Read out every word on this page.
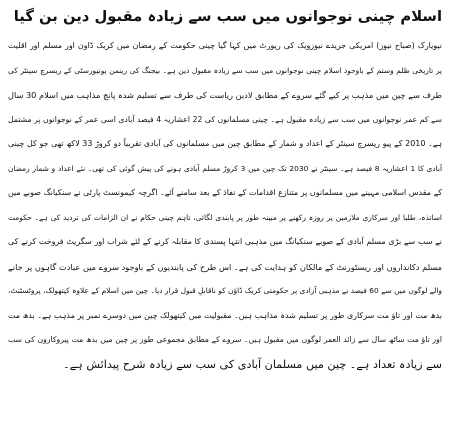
اسلام چینی نوجوانوں میں سب سے زیادہ مقبول دین بن گیا
نیویارک (صباح نیوز) امریکی جریدے نیوزویک کی رپورٹ میں کہا گیا چینی حکومت کے رمضان میں کریک ڈاون اور مسلم اور اقلیت
پر تاریخی ظلم وستم کے باوجود اسلام چینی نوجوانوں میں سب سے زیادہ مقبول دین ہے۔ بیجنگ کی رینمن یونیورسٹی کے ریسرچ سینٹر کی
طرف سے چین میں مذہب پر کیے گئے سروے کے مطابق لادین ریاست کی طرف سے تسلیم شدہ پانچ مذاہب میں اسلام 30 سال
سے کم عمر نوجوانوں میں سب سے زیادہ مقبول ہے۔ چینی مسلمانوں کی 22 اعشاریہ 4 فیصد آبادی اسی عمر کے نوجوانوں پر مشتمل
ہے۔ 2010 کے پیو ریسرچ سینٹر کے اعداد و شمار کے مطابق چین میں مسلمانوں کی آبادی تقریباً دو کروڑ 33 لاکھ تھی جو کل چینی
آبادی کا 1 اعشاریہ 8 فیصد ہے۔ سینٹر نے 2030 تک چین میں 3 کروڑ مسلم آبادی ہونے کی پیش گوئی کی تھی۔ نئے اعداد و شمار رمضان
کے مقدس اسلامی مہینے میں مسلمانوں پر متنازع اقدامات کے نفاذ کے بعد سامنے آئے۔ اگرچہ کیمونسٹ پارٹی نے سنکیانگ صوبے میں
اساتذہ، طلبا اور سرکاری ملازمین پر روزہ رکھنے پر مبینہ طور پر پابندی لگائی، تاہم چینی حکام نے ان الزامات کی تردید کی ہے۔ حکومت
نے سب سے بڑی مسلم آبادی کے صوبے سنکیانگ میں مذہبی انتہا پسندی کا مقابلہ کرنے کے لئے شراب اور سگریٹ فروخت کرنے کی
مسلم دکانداروں اور ریسٹورنٹ کے مالکان کو ہدایت کی ہے۔ اس طرح کی پابندیوں کے باوجود سروے میں عبادت گاہوں پر جانے
والے لوگوں میں سے 60 فیصد نے مذہبی آزادی پر حکومتی کریک ڈاؤن کو ناقابلِ قبول قرار دیا۔ چین میں اسلام کے علاوہ کیتھولک، پروٹسٹنٹ،
بدھ مت اور تاؤ مت سرکاری طور پر تسلیم شدہ مذاہب ہیں۔ مقبولیت میں کیتھولک چین میں دوسرے نمبر پر مذہب ہے۔ بدھ مت
اور تاؤ مت ساٹھ سال سے زائد العمر لوگوں میں مقبول ہیں۔ سروے کے مطابق مجموعی طور پر چین میں بدھ مت پیروکاروں کی سب
سے زیادہ تعداد ہے۔ چین میں مسلمان آبادی کی سب سے زیادہ شرح پیدائش ہے۔
